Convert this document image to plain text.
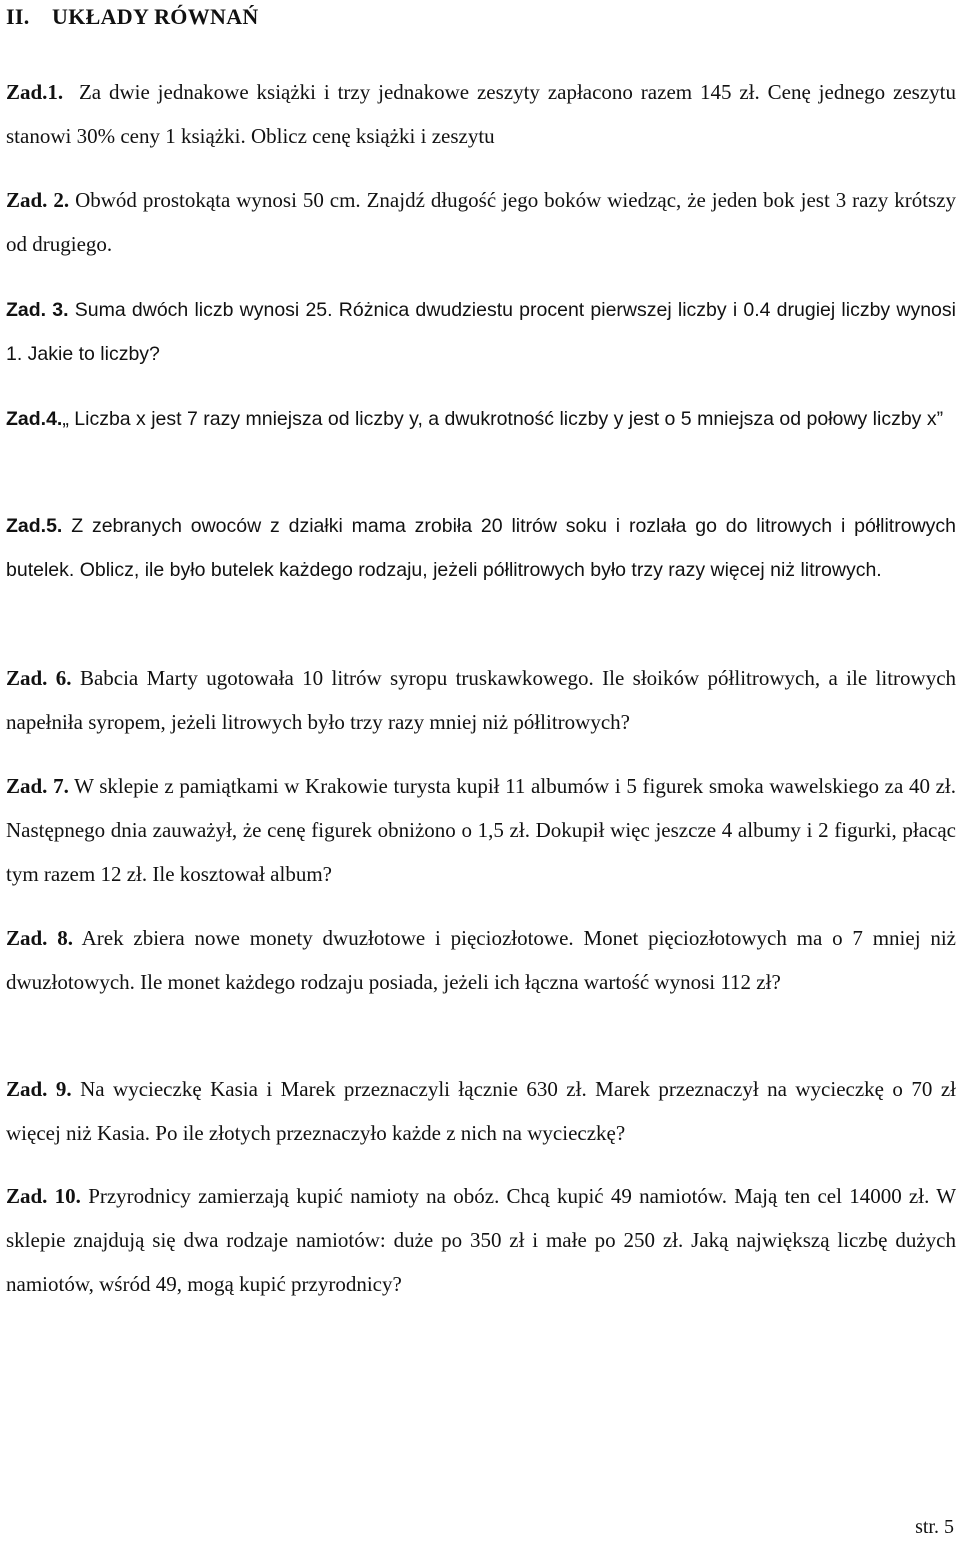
II. UKŁADY RÓWNAŃ
Zad.1. Za dwie jednakowe książki i trzy jednakowe zeszyty zapłacono razem 145 zł. Cenę jednego zeszytu stanowi 30% ceny 1 książki. Oblicz cenę książki i zeszytu
Zad. 2. Obwód prostokąta wynosi 50 cm. Znajdź długość jego boków wiedząc, że jeden bok jest 3 razy krótszy od drugiego.
Zad. 3. Suma dwóch liczb wynosi 25. Różnica dwudziestu procent pierwszej liczby i 0.4 drugiej liczby wynosi 1. Jakie to liczby?
Zad.4.„ Liczba x jest 7 razy mniejsza od liczby y, a dwukrotność liczby y jest o 5 mniejsza od połowy liczby x”
Zad.5. Z zebranych owoców z działki mama zrobiła 20 litrów soku i rozlała go do litrowych i półlitrowych butelek. Oblicz, ile było butelek każdego rodzaju, jeżeli półlitrowych było trzy razy więcej niż litrowych.
Zad. 6. Babcia Marty ugotowała 10 litrów syropu truskawkowego. Ile słoików półlitrowych, a ile litrowych napełniła syropem, jeżeli litrowych było trzy razy mniej niż półlitrowych?
Zad. 7. W sklepie z pamiątkami w Krakowie turysta kupił 11 albumów i 5 figurek smoka wawelskiego za 40 zł. Następnego dnia zauważył, że cenę figurek obniżono o 1,5 zł. Dokupił więc jeszcze 4 albumy i 2 figurki, płacąc tym razem 12 zł. Ile kosztował album?
Zad. 8. Arek zbiera nowe monety dwuzłotowe i pięciozłotowe. Monet pięciozłotowych ma o 7 mniej niż dwuzłotowych. Ile monet każdego rodzaju posiada, jeżeli ich łączna wartość wynosi 112 zł?
Zad. 9. Na wycieczkę Kasia i Marek przeznaczyli łącznie 630 zł. Marek przeznaczył na wycieczkę o 70 zł więcej niż Kasia. Po ile złotych przeznaczyło każde z nich na wycieczkę?
Zad. 10. Przyrodnicy zamierzają kupić namioty na obóz. Chcą kupić 49 namiotów. Mają ten cel 14000 zł. W sklepie znajdują się dwa rodzaje namiotów: duże po 350 zł i małe po 250 zł. Jaką największą liczbę dużych namiotów, wśród 49, mogą kupić przyrodnicy?
str. 5
